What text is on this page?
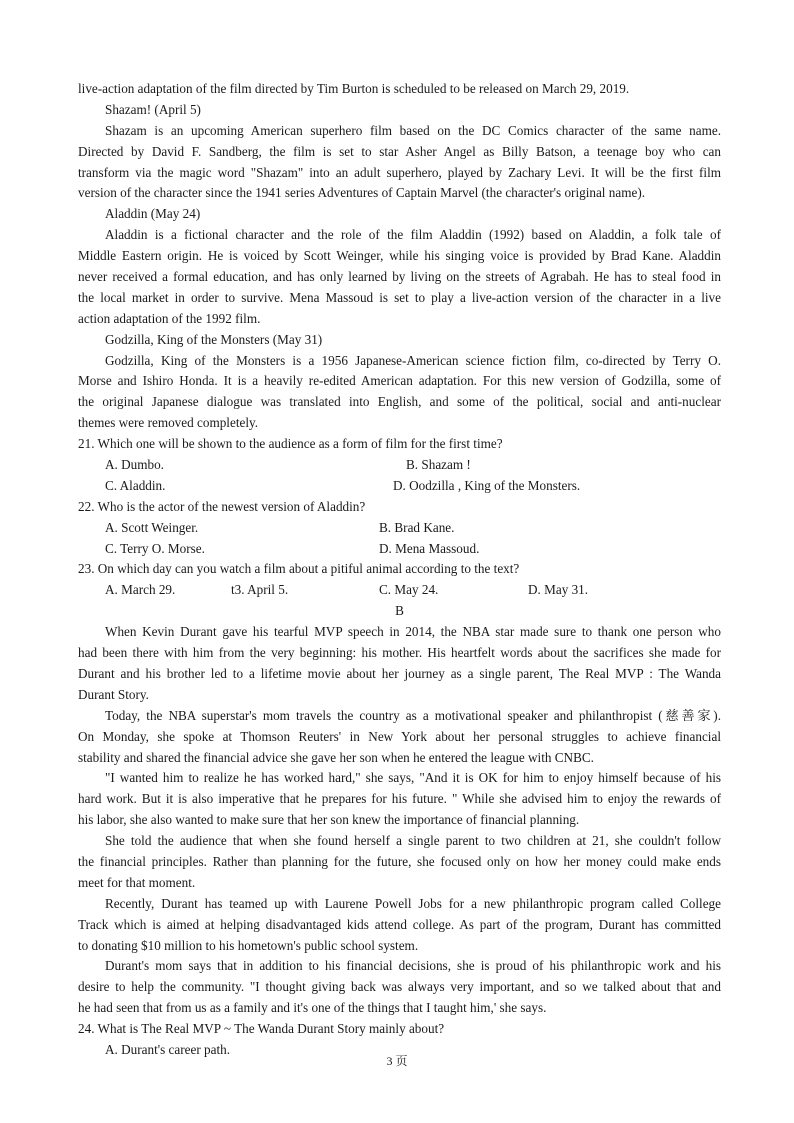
live-action adaptation of the film directed by Tim Burton is scheduled to be released on March 29, 2019.
Shazam! (April 5)
Shazam is an upcoming American superhero film based on the DC Comics character of the same name.
Directed by David F. Sandberg, the film is set to star Asher Angel as Billy Batson, a teenage boy who can
transform via the magic word "Shazam" into an adult superhero, played by Zachary Levi. It will be the first film
version of the character since the 1941 series Adventures of Captain Marvel (the character's original name).
Aladdin (May 24)
Aladdin is a fictional character and the role of the film Aladdin (1992) based on Aladdin, a folk tale of
Middle Eastern origin. He is voiced by Scott Weinger, while his singing voice is provided by Brad Kane. Aladdin
never received a formal education, and has only learned by living on the streets of Agrabah. He has to steal food in
the local market in order to survive. Mena Massoud is set to play a live-action version of the character in a live
action adaptation of the 1992 film.
Godzilla, King of the Monsters (May 31)
Godzilla, King of the Monsters is a 1956 Japanese-American science fiction film, co-directed by Terry O.
Morse and Ishiro Honda. It is a heavily re-edited American adaptation. For this new version of Godzilla, some of
the original Japanese dialogue was translated into English, and some of the political, social and anti-nuclear
themes were removed completely.
21. Which one will be shown to the audience as a form of film for the first time?
A. Dumbo.	B. Shazam !
C. Aladdin.	D. Oodzilla , King of the Monsters.
22. Who is the actor of the newest version of Aladdin?
A. Scott Weinger.	B. Brad Kane.
C. Terry O. Morse.	D. Mena Massoud.
23. On which day can you watch a film about a pitiful animal according to the text?
A. March 29.	t3. April 5.	C. May 24.	D. May 31.
B
When Kevin Durant gave his tearful MVP speech in 2014, the NBA star made sure to thank one person who
had been there with him from the very beginning: his mother. His heartfelt words about the sacrifices she made for
Durant and his brother led to a lifetime movie about her journey as a single parent, The Real MVP : The Wanda
Durant Story.
Today, the NBA superstar's mom travels the country as a motivational speaker and philanthropist (慈善家).
On Monday, she spoke at Thomson Reuters' in New York about her personal struggles to achieve financial
stability and shared the financial advice she gave her son when he entered the league with CNBC.
"I wanted him to realize he has worked hard," she says, "And it is OK for him to enjoy himself because of his
hard work. But it is also imperative that he prepares for his future. " While she advised him to enjoy the rewards of
his labor, she also wanted to make sure that her son knew the importance of financial planning.
She told the audience that when she found herself a single parent to two children at 21, she couldn't follow
the financial principles. Rather than planning for the future, she focused only on how her money could make ends
meet for that moment.
Recently, Durant has teamed up with Laurene Powell Jobs for a new philanthropic program called College
Track which is aimed at helping disadvantaged kids attend college. As part of the program, Durant has committed
to donating $10 million to his hometown's public school system.
Durant's mom says that in addition to his financial decisions, she is proud of his philanthropic work and his
desire to help the community. "I thought giving back was always very important, and so we talked about that and
he had seen that from us as a family and it's one of the things that I taught him,' she says.
24. What is The Real MVP ~ The Wanda Durant Story mainly about?
A. Durant's career path.
3 页
